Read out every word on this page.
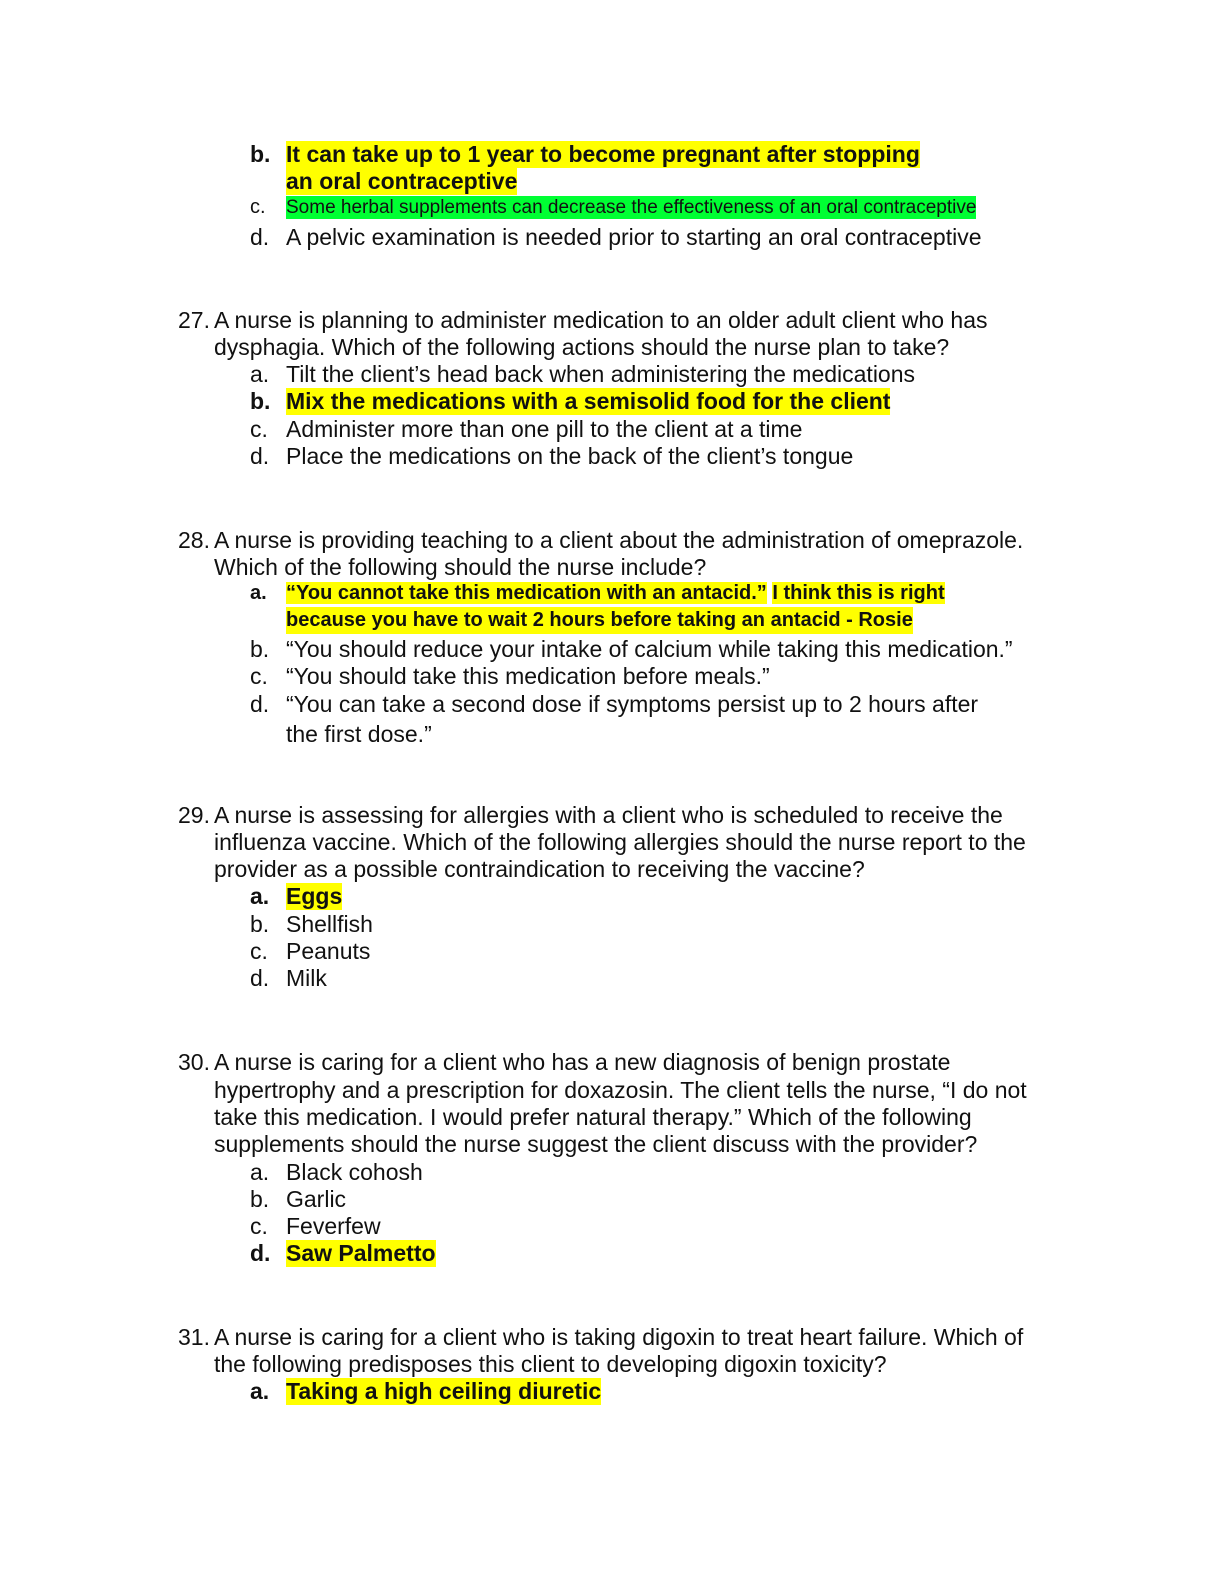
b. It can take up to 1 year to become pregnant after stopping
an oral contraceptive
c.	Some herbal supplements can decrease the effectiveness of an oral contraceptive
d. A pelvic examination is needed prior to starting an oral contraceptive
27. A nurse is planning to administer medication to an older adult client who has
dysphagia. Which of the following actions should the nurse plan to take?
a. Tilt the client’s head back when administering the medications
b. Mix the medications with a semisolid food for the client
c. Administer more than one pill to the client at a time
d. Place the medications on the back of the client’s tongue
28. A nurse is providing teaching to a client about the administration of omeprazole.
Which of the following should the nurse include?
a. “You cannot take this medication with an antacid.” I think this is right
because you have to wait 2 hours before taking an antacid - Rosie
b. “You should reduce your intake of calcium while taking this medication.”
c. “You should take this medication before meals.”
d. “You can take a second dose if symptoms persist up to 2 hours after
the first dose.”
29. A nurse is assessing for allergies with a client who is scheduled to receive the
influenza vaccine. Which of the following allergies should the nurse report to the
provider as a possible contraindication to receiving the vaccine?
a. Eggs
b. Shellfish
c. Peanuts
d. Milk
30. A nurse is caring for a client who has a new diagnosis of benign prostate
hypertrophy and a prescription for doxazosin. The client tells the nurse, “I do not
take this medication. I would prefer natural therapy.” Which of the following
supplements should the nurse suggest the client discuss with the provider?
a. Black cohosh
b. Garlic
c. Feverfew
d. Saw Palmetto
31. A nurse is caring for a client who is taking digoxin to treat heart failure. Which of
the following predisposes this client to developing digoxin toxicity?
a. Taking a high ceiling diuretic
